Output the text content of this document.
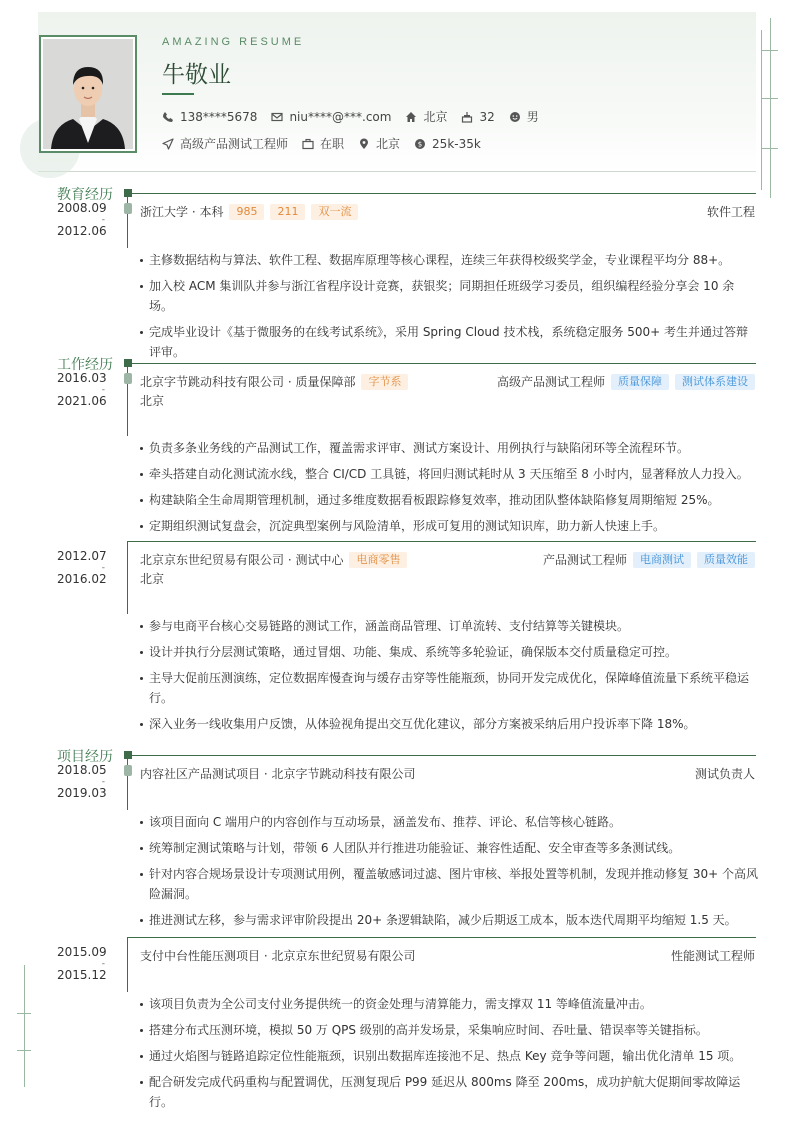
AMAZING RESUME
牛敬业
138****5678	niu****@***.com	北京	32	男
高级产品测试工程师	在职	北京	$ 25k-35k
教育经历
2008.09
-
2012.06
浙江大学 · 本科	985	211	双一流	软件工程
主修数据结构与算法、软件工程、数据库原理等核心课程，连续三年获得校级奖学金，专业课程平均分 88+。
加入校 ACM 集训队并参与浙江省程序设计竞赛，获银奖；同期担任班级学习委员，组织编程经验分享会 10 余场。
完成毕业设计《基于微服务的在线考试系统》，采用 Spring Cloud 技术栈，系统稳定服务 500+ 考生并通过答辩评审。
工作经历
2016.03
-
2021.06
北京字节跳动科技有限公司 · 质量保障部	字节系	高级产品测试工程师	质量保障	测试体系建设
北京
负责多条业务线的产品测试工作，覆盖需求评审、测试方案设计、用例执行与缺陷闭环等全流程环节。
牵头搭建自动化测试流水线，整合 CI/CD 工具链，将回归测试耗时从 3 天压缩至 8 小时内，显著释放人力投入。
构建缺陷全生命周期管理机制，通过多维度数据看板跟踪修复效率，推动团队整体缺陷修复周期缩短 25%。
定期组织测试复盘会，沉淀典型案例与风险清单，形成可复用的测试知识库，助力新人快速上手。
2012.07
-
2016.02
北京京东世纪贸易有限公司 · 测试中心	电商零售	产品测试工程师	电商测试	质量效能
北京
参与电商平台核心交易链路的测试工作，涵盖商品管理、订单流转、支付结算等关键模块。
设计并执行分层测试策略，通过冒烟、功能、集成、系统等多轮验证，确保版本交付质量稳定可控。
主导大促前压测演练，定位数据库慢查询与缓存击穿等性能瓶颈，协同开发完成优化，保障峰值流量下系统平稳运行。
深入业务一线收集用户反馈，从体验视角提出交互优化建议，部分方案被采纳后用户投诉率下降 18%。
项目经历
2018.05
-
2019.03
内容社区产品测试项目 · 北京字节跳动科技有限公司	测试负责人
该项目面向 C 端用户的内容创作与互动场景，涵盖发布、推荐、评论、私信等核心链路。
统筹制定测试策略与计划，带领 6 人团队并行推进功能验证、兼容性适配、安全审查等多条测试线。
针对内容合规场景设计专项测试用例，覆盖敏感词过滤、图片审核、举报处置等机制，发现并推动修复 30+ 个高风险漏洞。
推进测试左移，参与需求评审阶段提出 20+ 条逻辑缺陷，减少后期返工成本，版本迭代周期平均缩短 1.5 天。
2015.09
-
2015.12
支付中台性能压测项目 · 北京京东世纪贸易有限公司	性能测试工程师
该项目负责为全公司支付业务提供统一的资金处理与清算能力，需支撑双 11 等峰值流量冲击。
搭建分布式压测环境，模拟 50 万 QPS 级别的高并发场景，采集响应时间、吞吐量、错误率等关键指标。
通过火焰图与链路追踪定位性能瓶颈，识别出数据库连接池不足、热点 Key 竞争等问题，输出优化清单 15 项。
配合研发完成代码重构与配置调优，压测复现后 P99 延迟从 800ms 降至 200ms，成功护航大促期间零故障运行。
